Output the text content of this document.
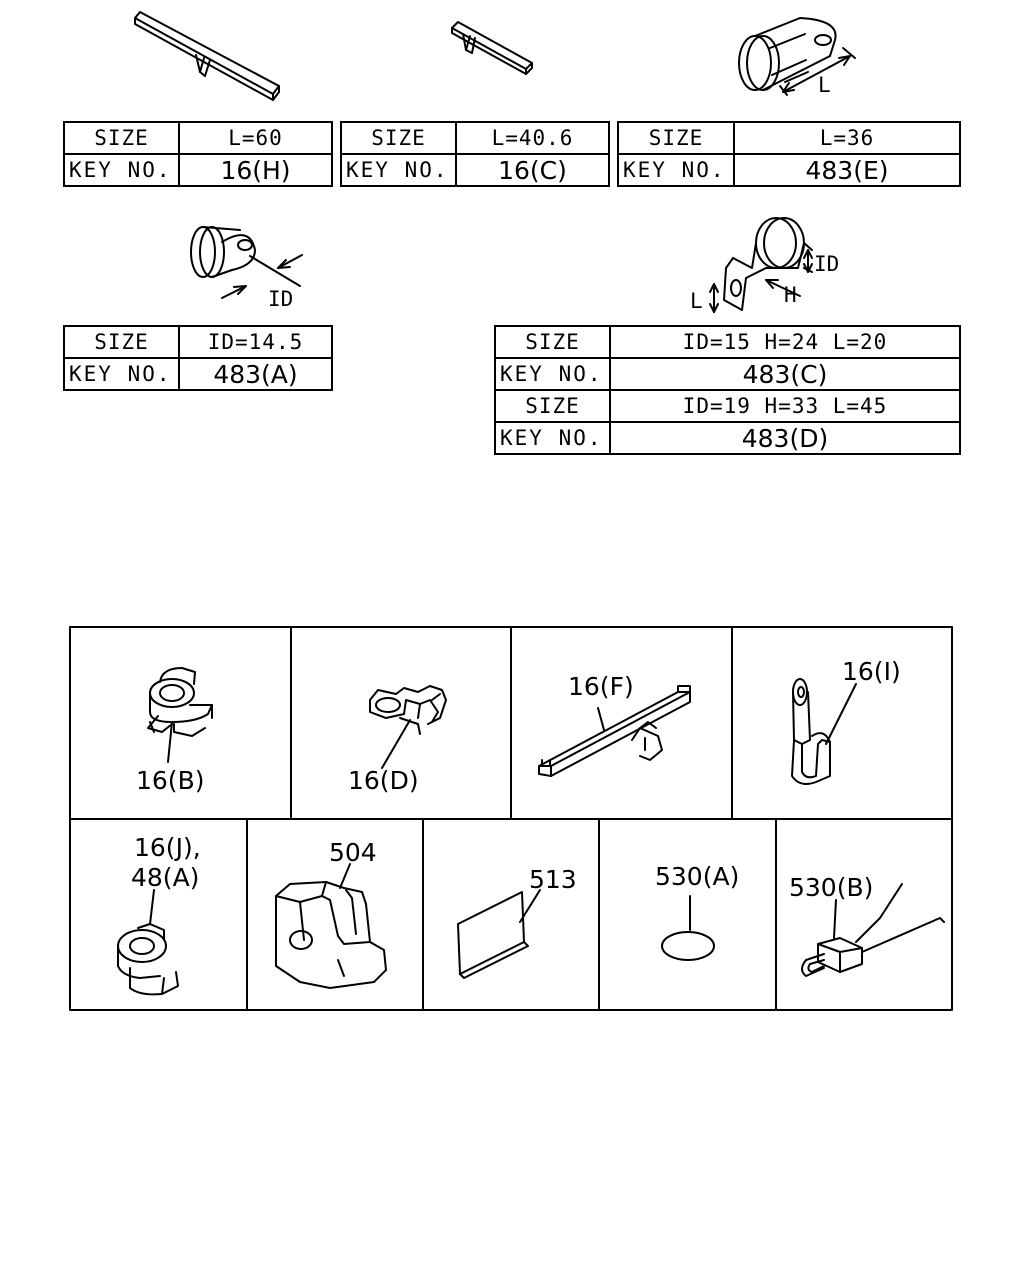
L
ID
ID
H
L
SIZE	L=60
KEY NO.	16(H)
SIZE	L=40.6
KEY NO.	16(C)
SIZE	L=36
KEY NO.	483(E)
SIZE	ID=14.5
KEY NO.	483(A)
SIZE	ID=15 H=24 L=20
KEY NO.	483(C)
SIZE	ID=19 H=33 L=45
KEY NO.	483(D)
16(B)	16(D)
16(F)
16(I)
16(J),
48(A)
504
513	530(A) 530(B)
